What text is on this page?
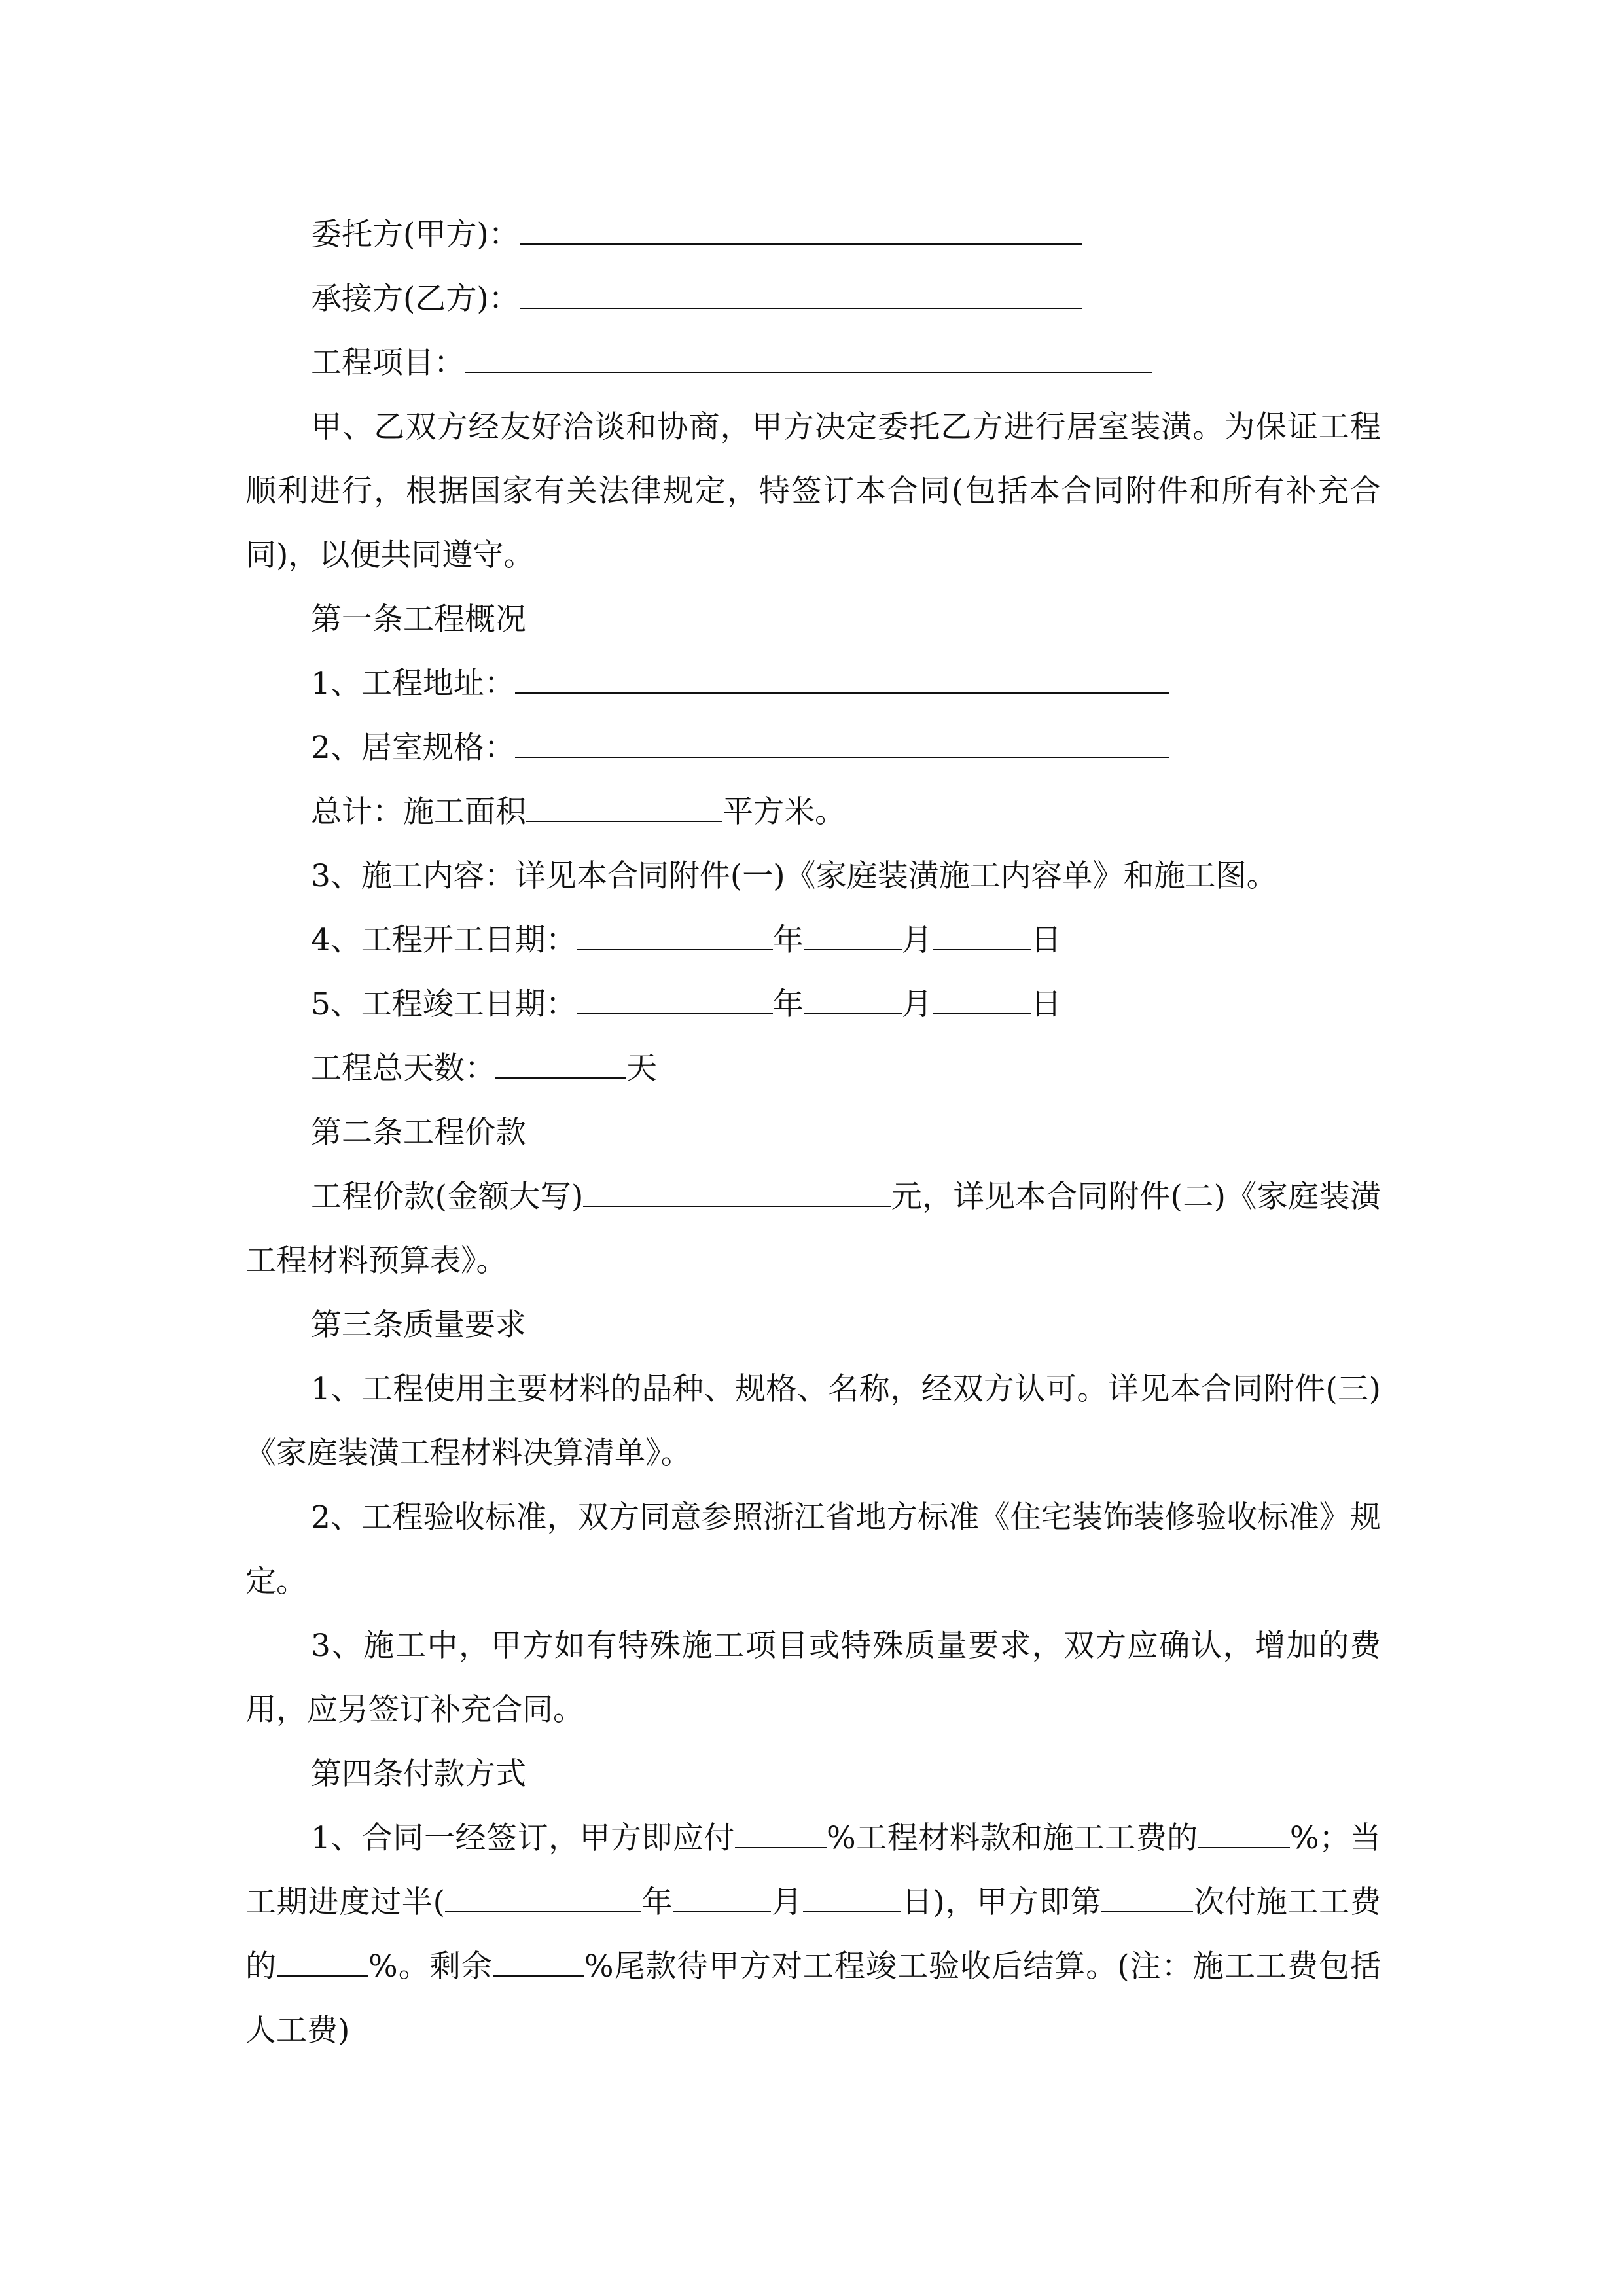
委托方(甲方)：
承接方(乙方)：
工程项目：
甲、乙双方经友好洽谈和协商，甲方决定委托乙方进行居室装潢。为保证工程顺利进行，根据国家有关法律规定，特签订本合同(包括本合同附件和所有补充合同)，以便共同遵守。
第一条工程概况
1、工程地址：
2、居室规格：
总计：施工面积	平方米。
3、施工内容：详见本合同附件(一)《家庭装潢施工内容单》和施工图。
4、工程开工日期：	年	月	日
5、工程竣工日期：	年	月	日
工程总天数：	天
第二条工程价款
工程价款(金额大写)	元，详见本合同附件(二)《家庭装潢工程材料预算表》。
第三条质量要求
1、工程使用主要材料的品种、规格、名称，经双方认可。详见本合同附件(三)《家庭装潢工程材料决算清单》。
2、工程验收标准，双方同意参照浙江省地方标准《住宅装饰装修验收标准》规定。
3、施工中，甲方如有特殊施工项目或特殊质量要求，双方应确认，增加的费用，应另签订补充合同。
第四条付款方式
1、合同一经签订，甲方即应付	%工程材料款和施工工费的	%；当工期进度过半(	年	月	日)，甲方即第	次付施工工费的	%。剩余	%尾款待甲方对工程竣工验收后结算。(注：施工工费包括人工费)
